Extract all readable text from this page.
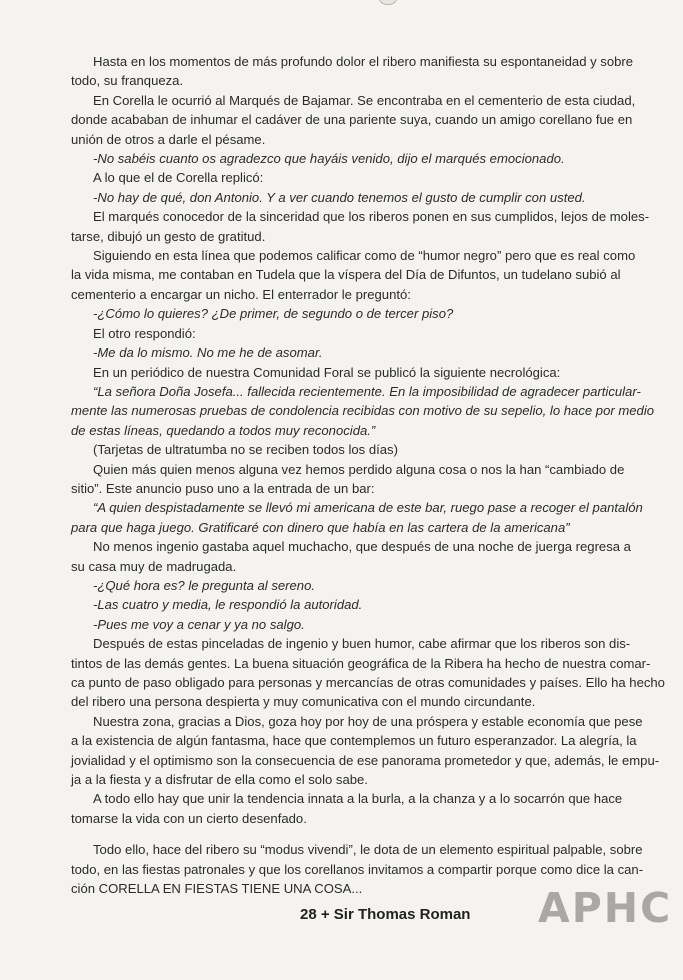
Hasta en los momentos de más profundo dolor el ribero manifiesta su espontaneidad y sobre
todo, su franqueza.

En Corella le ocurrió al Marqués de Bajamar. Se encontraba en el cementerio de esta ciudad,
donde acababan de inhumar el cadáver de una pariente suya, cuando un amigo corellano fue en
unión de otros a darle el pésame.

-No sabéis cuanto os agradezco que hayáis venido, dijo el marqués emocionado.

A lo que el de Corella replicó:

-No hay de qué, don Antonio. Y a ver cuando tenemos el gusto de cumplir con usted.

El marqués conocedor de la sinceridad que los riberos ponen en sus cumplidos, lejos de moles-
tarse, dibujó un gesto de gratitud.

Siguiendo en esta línea que podemos calificar como de “humor negro” pero que es real como
la vida misma, me contaban en Tudela que la víspera del Día de Difuntos, un tudelano subió al
cementerio a encargar un nicho. El enterrador le preguntó:

-¿Cómo lo quieres? ¿De primer, de segundo o de tercer piso?

El otro respondió:

-Me da lo mismo. No me he de asomar.

En un periódico de nuestra Comunidad Foral se publicó la siguiente necrológica:

“La señora Doña Josefa... fallecida recientemente. En la imposibilidad de agradecer particular-
mente las numerosas pruebas de condolencia recibidas con motivo de su sepelio, lo hace por medio
de estas líneas, quedando a todos muy reconocida.”

(Tarjetas de ultratumba no se reciben todos los días)

Quien más quien menos alguna vez hemos perdido alguna cosa o nos la han “cambiado de
sitio”. Este anuncio puso uno a la entrada de un bar:

“A quien despistadamente se llevó mi americana de este bar, ruego pase a recoger el pantalón
para que haga juego. Gratificaré con dinero que había en las cartera de la americana”

No menos ingenio gastaba aquel muchacho, que después de una noche de juerga regresa a
su casa muy de madrugada.

-¿Qué hora es? le pregunta al sereno.

-Las cuatro y media, le respondió la autoridad.

-Pues me voy a cenar y ya no salgo.

Después de estas pinceladas de ingenio y buen humor, cabe afirmar que los riberos son dis-
tintos de las demás gentes. La buena situación geográfica de la Ribera ha hecho de nuestra comar-
ca punto de paso obligado para personas y mercancías de otras comunidades y países. Ello ha hecho
del ribero una persona despierta y muy comunicativa con el mundo circundante.

Nuestra zona, gracias a Dios, goza hoy por hoy de una próspera y estable economía que pese
a la existencia de algún fantasma, hace que contemplemos un futuro esperanzador. La alegría, la
jovialidad y el optimismo son la consecuencia de ese panorama prometedor y que, además, le empu-
ja a la fiesta y a disfrutar de ella como el solo sabe.

A todo ello hay que unir la tendencia innata a la burla, a la chanza y a lo socarrón que hace
tomarse la vida con un cierto desenfado.

Todo ello, hace del ribero su “modus vivendi”, le dota de un elemento espiritual palpable, sobre
todo, en las fiestas patronales y que los corellanos invitamos a compartir porque como dice la can-
ción CORELLA EN FIESTAS TIENE UNA COSA...

28 + Sir Thomas Roman APHC
